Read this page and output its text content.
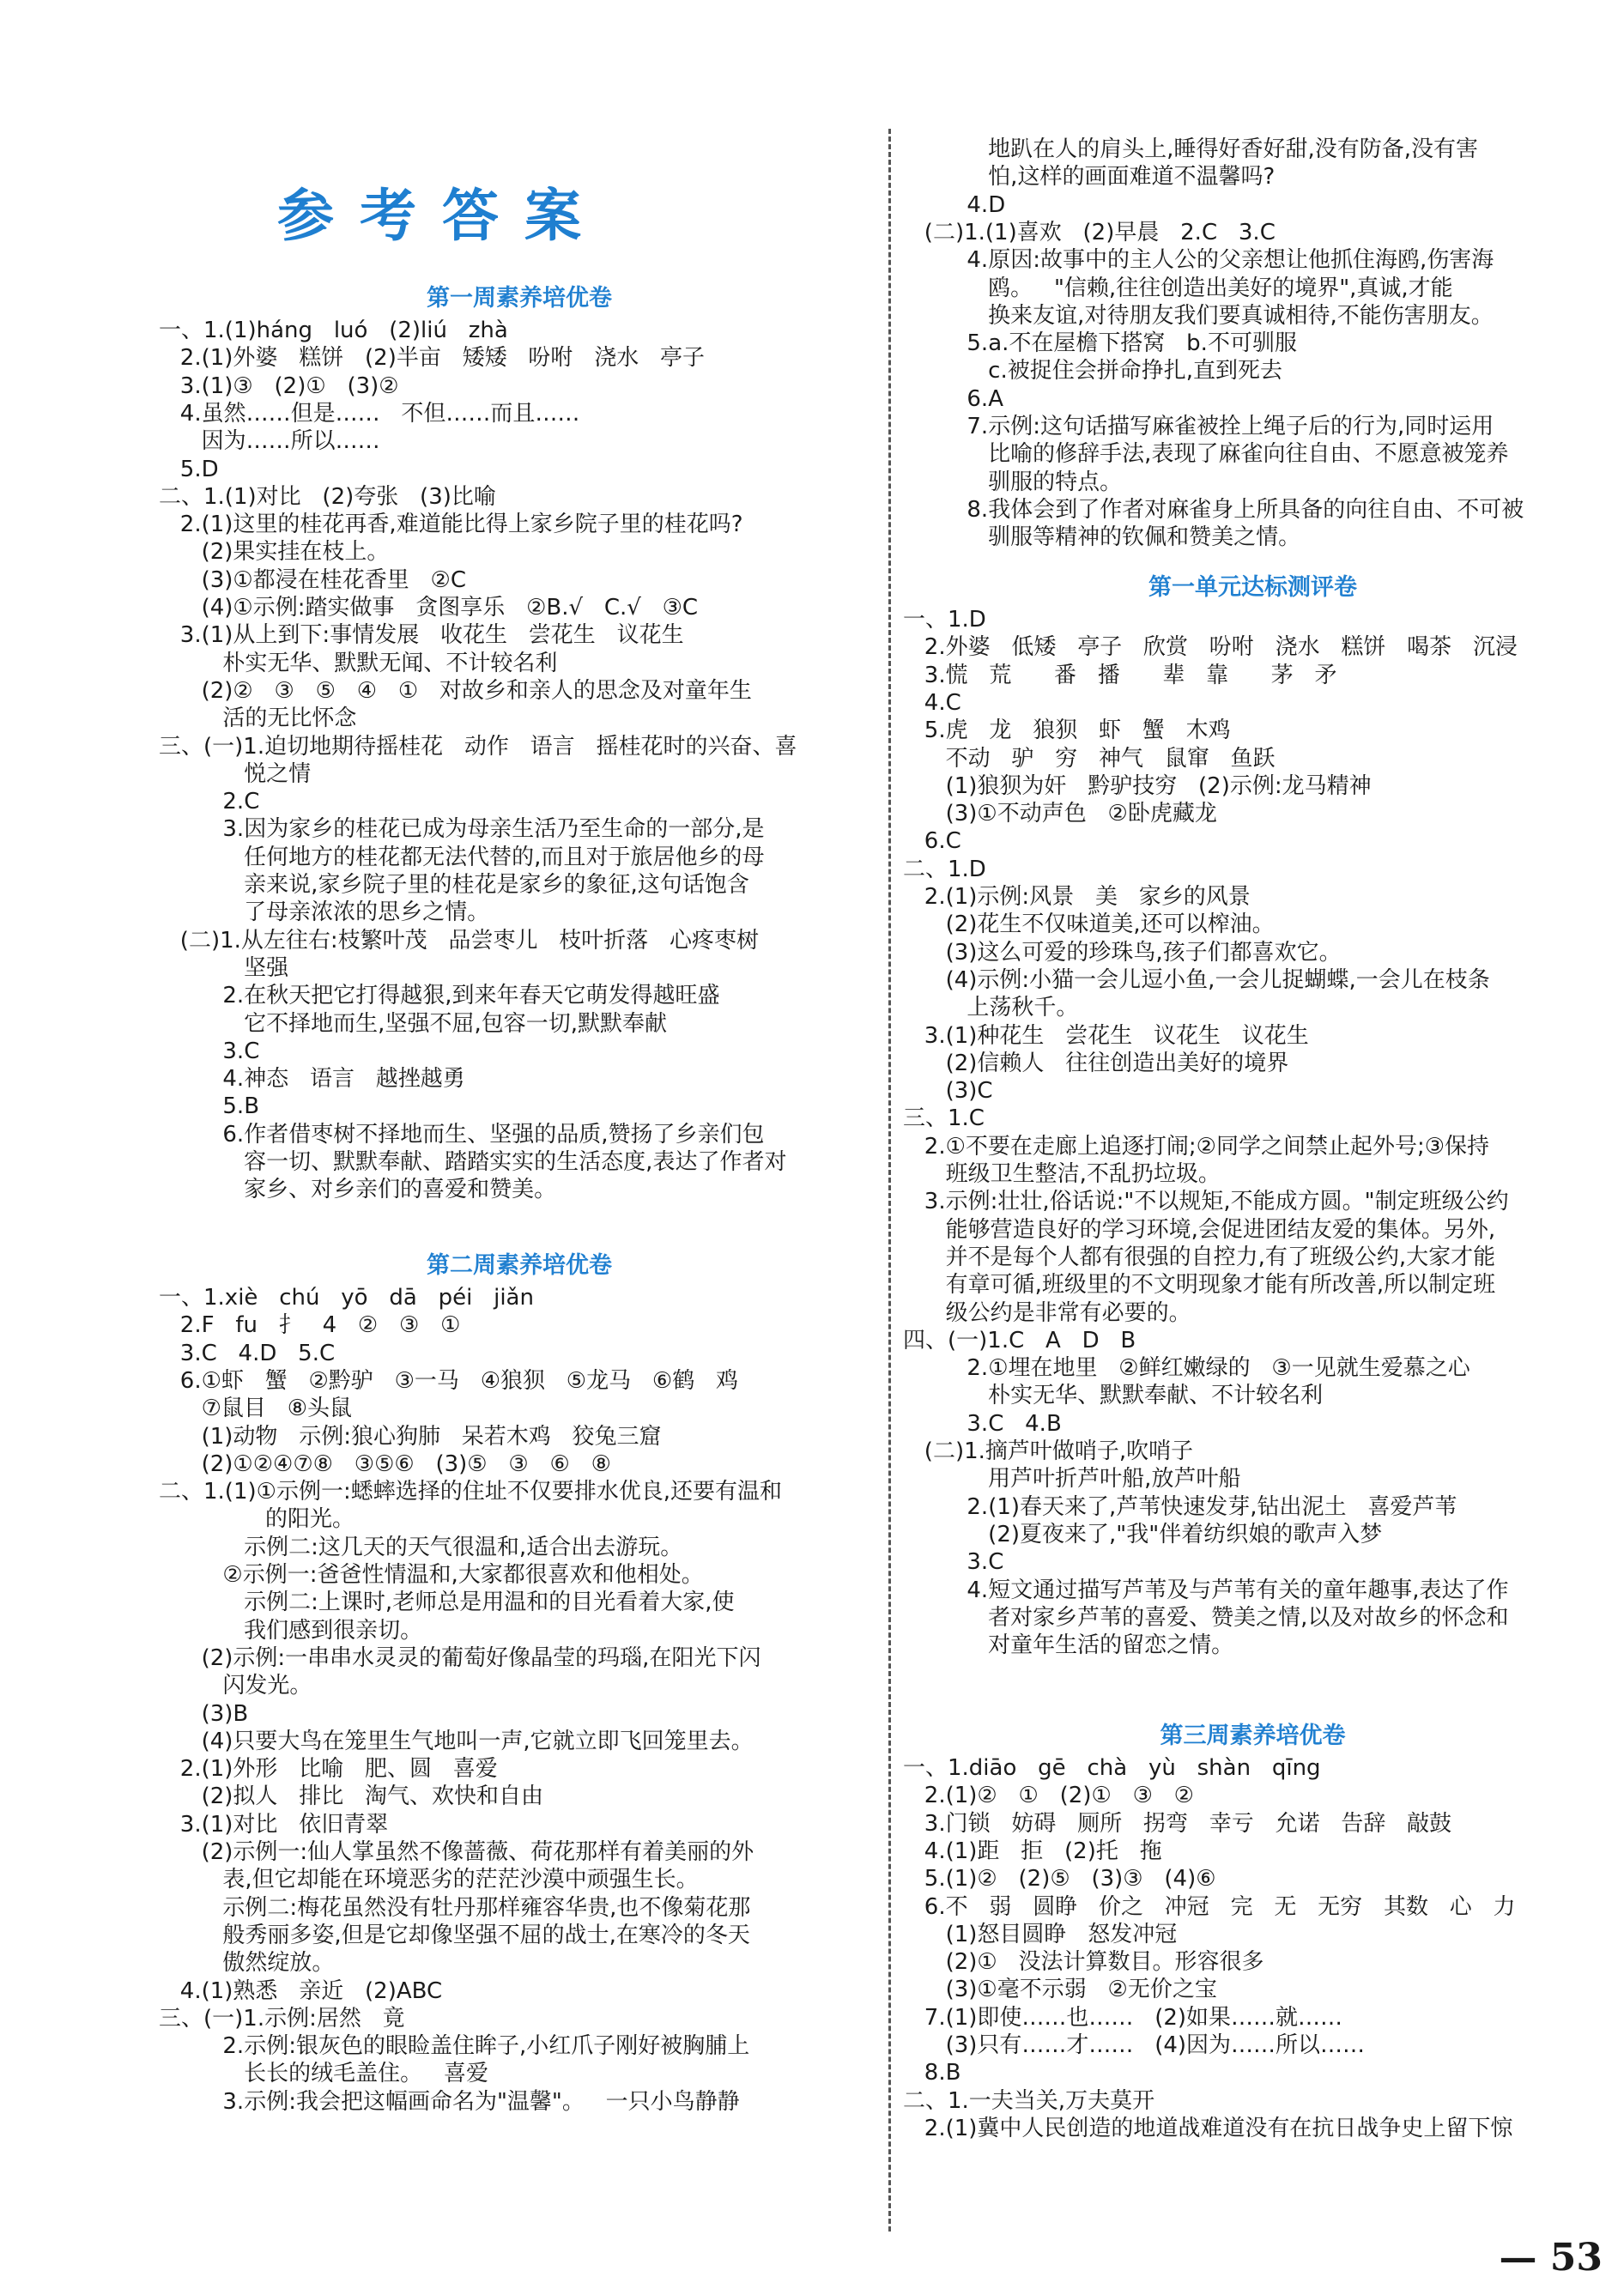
参考答案
第一周素养培优卷
一、1.(1)háng   luó   (2)liú   zhà
2.(1)外婆   糕饼   (2)半亩   矮矮   吩咐   浇水   亭子
3.(1)③   (2)①   (3)②
4.虽然……但是……   不但……而且……
因为……所以……
5.D
二、1.(1)对比   (2)夸张   (3)比喻
2.(1)这里的桂花再香,难道能比得上家乡院子里的桂花吗?
(2)果实挂在枝上。
(3)①都浸在桂花香里   ②C
(4)①示例:踏实做事   贪图享乐   ②B.√   C.√   ③C
3.(1)从上到下:事情发展   收花生   尝花生   议花生
朴实无华、默默无闻、不计较名利
(2)②   ③   ⑤   ④   ①   对故乡和亲人的思念及对童年生
活的无比怀念
三、(一)1.迫切地期待摇桂花   动作   语言   摇桂花时的兴奋、喜
悦之情
2.C
3.因为家乡的桂花已成为母亲生活乃至生命的一部分,是
任何地方的桂花都无法代替的,而且对于旅居他乡的母
亲来说,家乡院子里的桂花是家乡的象征,这句话饱含
了母亲浓浓的思乡之情。
(二)1.从左往右:枝繁叶茂   品尝枣儿   枝叶折落   心疼枣树
坚强
2.在秋天把它打得越狠,到来年春天它萌发得越旺盛
它不择地而生,坚强不屈,包容一切,默默奉献
3.C
4.神态   语言   越挫越勇
5.B
6.作者借枣树不择地而生、坚强的品质,赞扬了乡亲们包
容一切、默默奉献、踏踏实实的生活态度,表达了作者对
家乡、对乡亲们的喜爱和赞美。
第二周素养培优卷
一、1.xiè   chú   yō   dā   péi   jiǎn
2.F   fu   扌   4   ②   ③   ①
3.C   4.D   5.C
6.①虾   蟹   ②黔驴   ③一马   ④狼狈   ⑤龙马   ⑥鹤   鸡
⑦鼠目   ⑧头鼠
(1)动物   示例:狼心狗肺   呆若木鸡   狡兔三窟
(2)①②④⑦⑧   ③⑤⑥   (3)⑤   ③   ⑥   ⑧
二、1.(1)①示例一:蟋蟀选择的住址不仅要排水优良,还要有温和
的阳光。
示例二:这几天的天气很温和,适合出去游玩。
②示例一:爸爸性情温和,大家都很喜欢和他相处。
示例二:上课时,老师总是用温和的目光看着大家,使
我们感到很亲切。
(2)示例:一串串水灵灵的葡萄好像晶莹的玛瑙,在阳光下闪
闪发光。
(3)B
(4)只要大鸟在笼里生气地叫一声,它就立即飞回笼里去。
2.(1)外形   比喻   肥、圆   喜爱
(2)拟人   排比   淘气、欢快和自由
3.(1)对比   依旧青翠
(2)示例一:仙人掌虽然不像蔷薇、荷花那样有着美丽的外
表,但它却能在环境恶劣的茫茫沙漠中顽强生长。
示例二:梅花虽然没有牡丹那样雍容华贵,也不像菊花那
般秀丽多姿,但是它却像坚强不屈的战士,在寒冷的冬天
傲然绽放。
4.(1)熟悉   亲近   (2)ABC
三、(一)1.示例:居然   竟
2.示例:银灰色的眼睑盖住眸子,小红爪子刚好被胸脯上
长长的绒毛盖住。   喜爱
3.示例:我会把这幅画命名为"温馨"。   一只小鸟静静
地趴在人的肩头上,睡得好香好甜,没有防备,没有害
怕,这样的画面难道不温馨吗?
4.D
(二)1.(1)喜欢   (2)早晨   2.C   3.C
4.原因:故事中的主人公的父亲想让他抓住海鸥,伤害海
鸥。   "信赖,往往创造出美好的境界",真诚,才能
换来友谊,对待朋友我们要真诚相待,不能伤害朋友。
5.a.不在屋檐下搭窝   b.不可驯服
c.被捉住会拼命挣扎,直到死去
6.A
7.示例:这句话描写麻雀被拴上绳子后的行为,同时运用
比喻的修辞手法,表现了麻雀向往自由、不愿意被笼养
驯服的特点。
8.我体会到了作者对麻雀身上所具备的向往自由、不可被
驯服等精神的钦佩和赞美之情。
第一单元达标测评卷
一、1.D
2.外婆   低矮   亭子   欣赏   吩咐   浇水   糕饼   喝茶   沉浸
3.慌   荒      番   播      辈   靠      茅   矛
4.C
5.虎   龙   狼狈   虾   蟹   木鸡
不动   驴   穷   神气   鼠窜   鱼跃
(1)狼狈为奸   黔驴技穷   (2)示例:龙马精神
(3)①不动声色   ②卧虎藏龙
6.C
二、1.D
2.(1)示例:风景   美   家乡的风景
(2)花生不仅味道美,还可以榨油。
(3)这么可爱的珍珠鸟,孩子们都喜欢它。
(4)示例:小猫一会儿逗小鱼,一会儿捉蝴蝶,一会儿在枝条
上荡秋千。
3.(1)种花生   尝花生   议花生   议花生
(2)信赖人   往往创造出美好的境界
(3)C
三、1.C
2.①不要在走廊上追逐打闹;②同学之间禁止起外号;③保持
班级卫生整洁,不乱扔垃圾。
3.示例:壮壮,俗话说:"不以规矩,不能成方圆。"制定班级公约
能够营造良好的学习环境,会促进团结友爱的集体。另外,
并不是每个人都有很强的自控力,有了班级公约,大家才能
有章可循,班级里的不文明现象才能有所改善,所以制定班
级公约是非常有必要的。
四、(一)1.C   A   D   B
2.①埋在地里   ②鲜红嫩绿的   ③一见就生爱慕之心
朴实无华、默默奉献、不计较名利
3.C   4.B
(二)1.摘芦叶做哨子,吹哨子
用芦叶折芦叶船,放芦叶船
2.(1)春天来了,芦苇快速发芽,钻出泥土   喜爱芦苇
(2)夏夜来了,"我"伴着纺织娘的歌声入梦
3.C
4.短文通过描写芦苇及与芦苇有关的童年趣事,表达了作
者对家乡芦苇的喜爱、赞美之情,以及对故乡的怀念和
对童年生活的留恋之情。
第三周素养培优卷
一、1.diāo   gē   chà   yù   shàn   qīng
2.(1)②   ①   (2)①   ③   ②
3.门锁   妨碍   厕所   拐弯   幸亏   允诺   告辞   敲鼓
4.(1)距   拒   (2)托   拖
5.(1)②   (2)⑤   (3)③   (4)⑥
6.不   弱   圆睁   价之   冲冠   完   无   无穷   其数   心   力
(1)怒目圆睁   怒发冲冠
(2)①   没法计算数目。形容很多
(3)①毫不示弱   ②无价之宝
7.(1)即使……也……   (2)如果……就……
(3)只有……才……   (4)因为……所以……
8.B
二、1.一夫当关,万夫莫开
2.(1)冀中人民创造的地道战难道没有在抗日战争史上留下惊
— 53
